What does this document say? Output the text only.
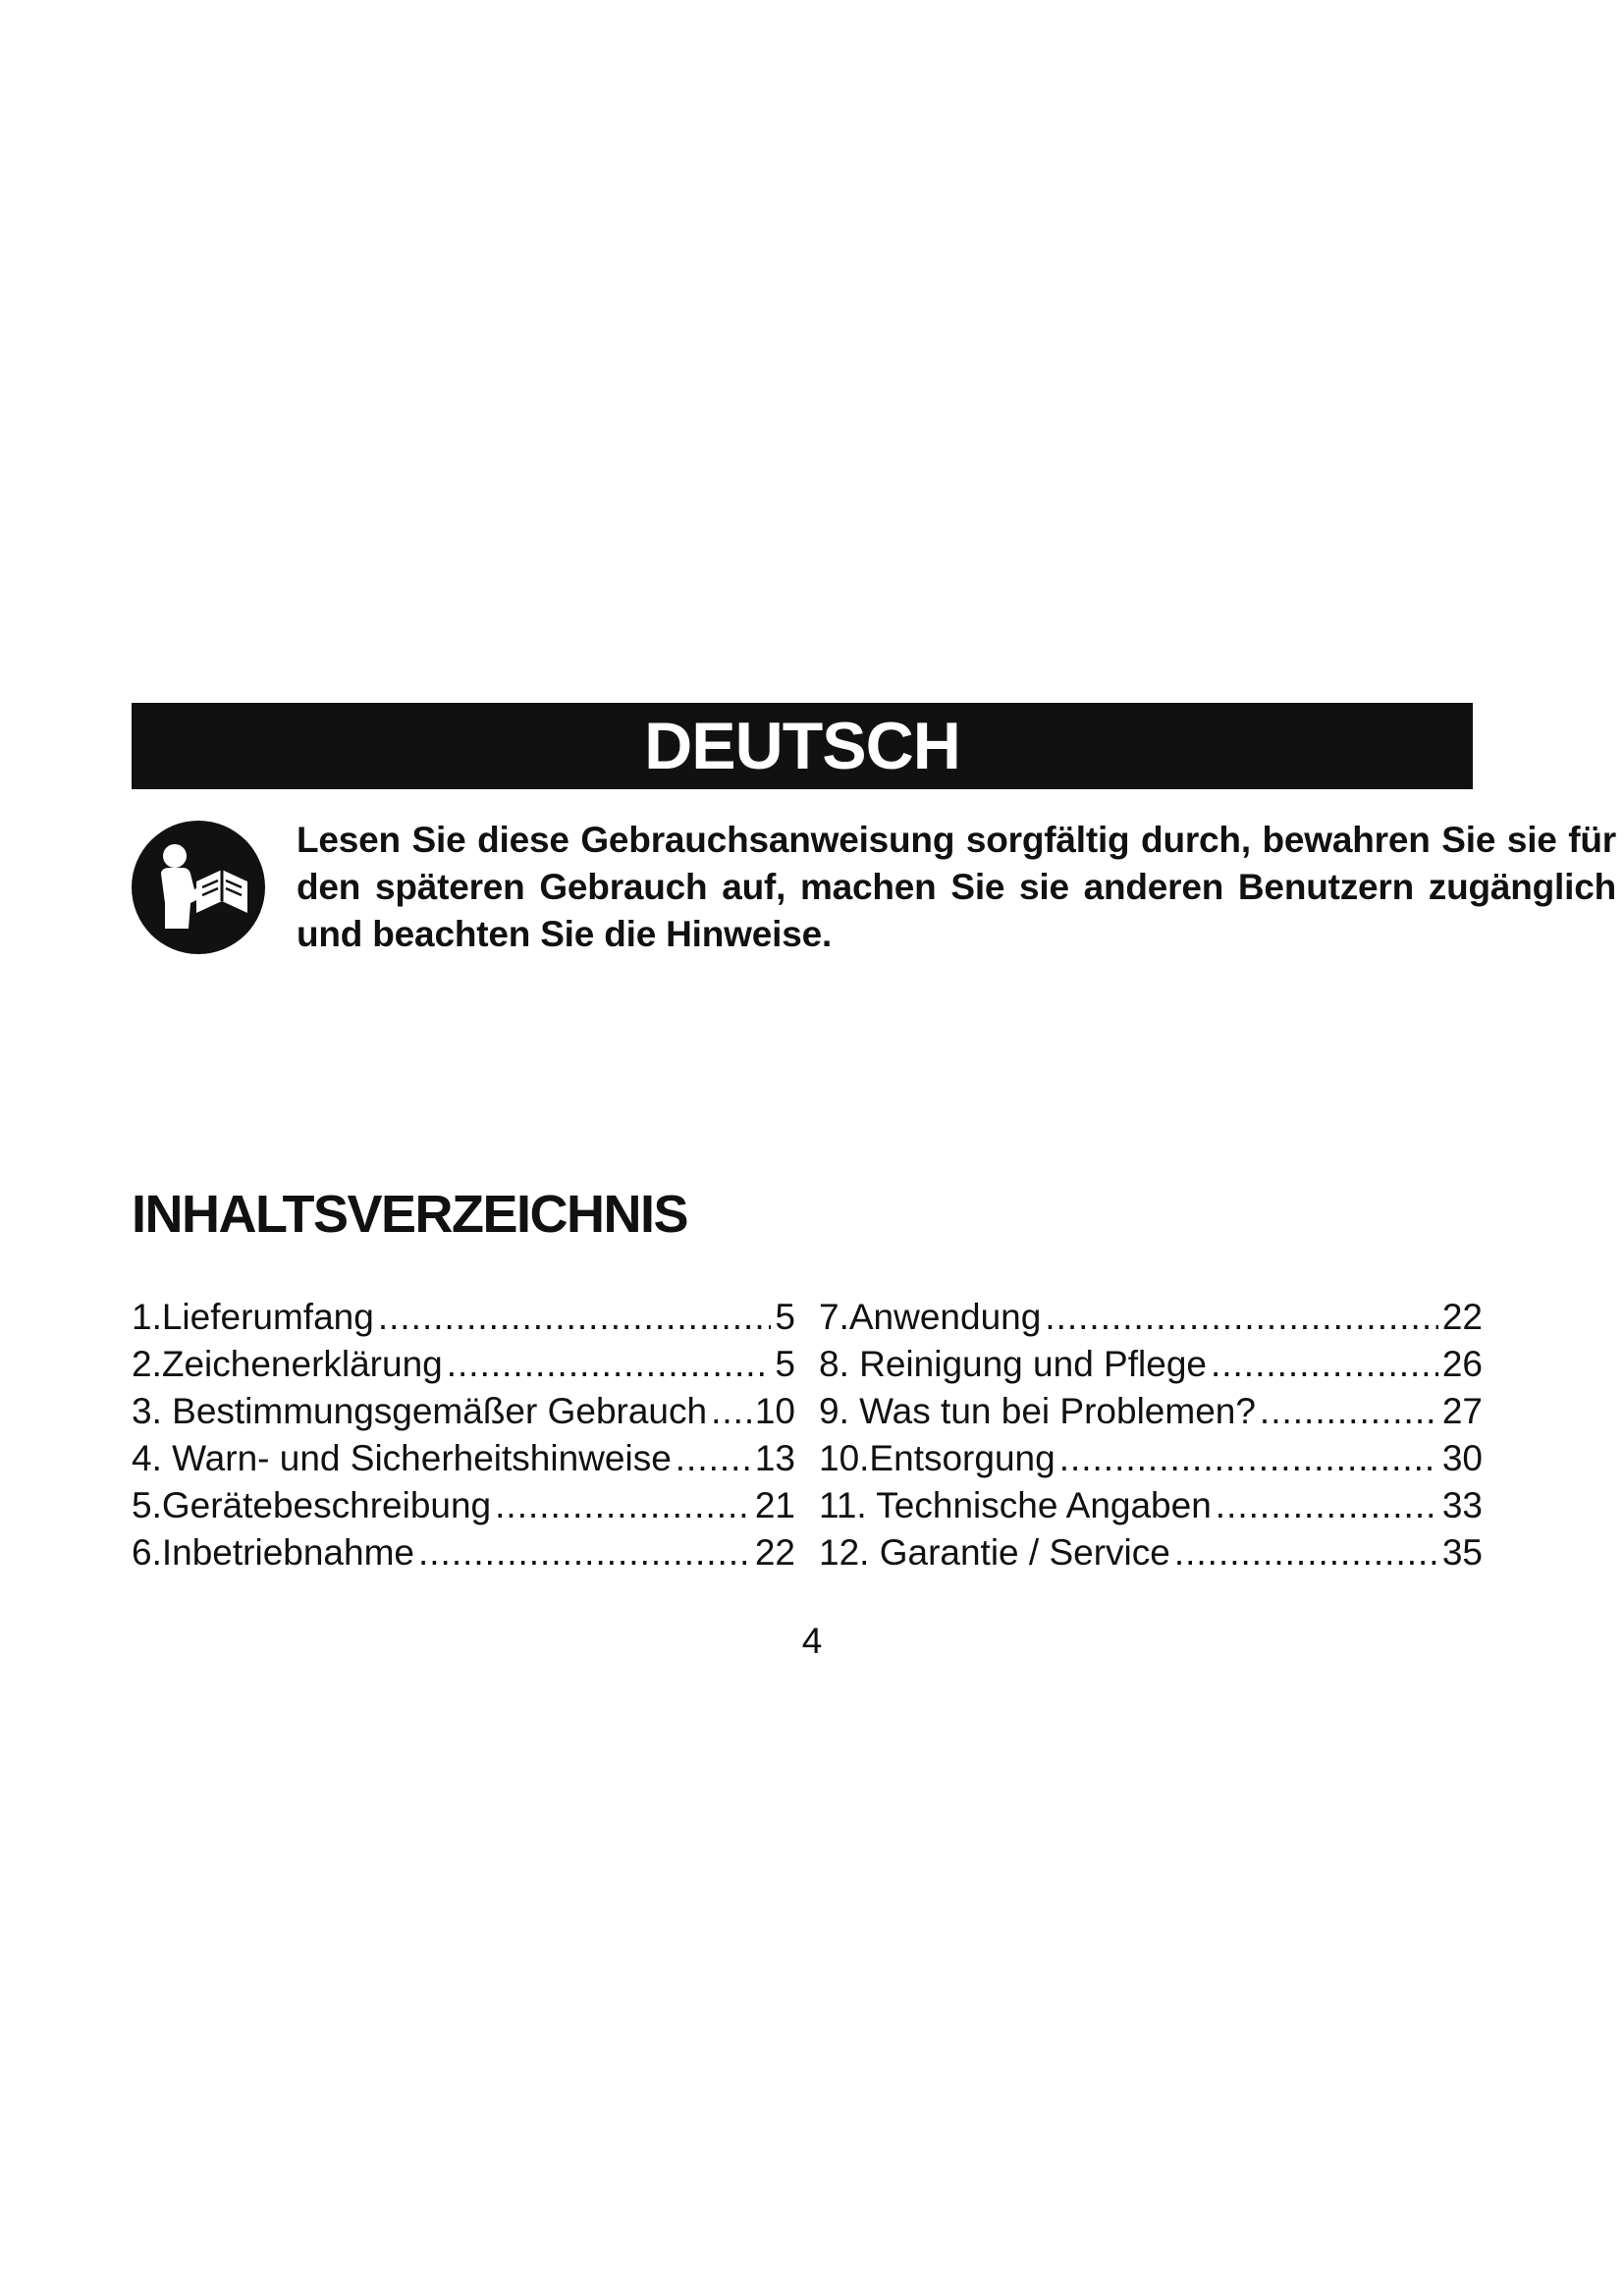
DEUTSCH
Lesen Sie diese Gebrauchsanweisung sorgfältig durch, bewahren Sie sie für den späteren Gebrauch auf, machen Sie sie anderen Benutzern zugänglich und beachten Sie die Hinweise.
INHALTSVERZEICHNIS
1.Lieferumfang .....	5
2.Zeichenerklärung .....	5
3. Bestimmungsgemäßer Gebrauch ..... 10
4. Warn- und Sicherheitshinweise ..... 13
5.Gerätebeschreibung .....	21
6.Inbetriebnahme .....	22
7.Anwendung .....	22
8. Reinigung und Pflege .....	26
9. Was tun bei Problemen? .....	27
10.Entsorgung .....	30
11. Technische Angaben .....	33
12. Garantie / Service .....	35
4
